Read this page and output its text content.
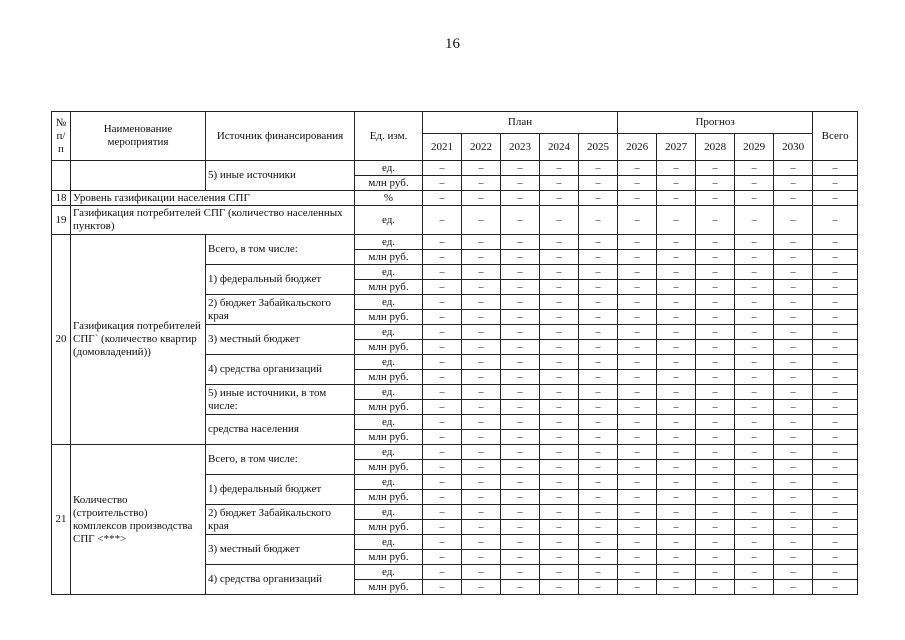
16
№ п/п	Наименование мероприятия	Источник финансирования	Ед. изм.	План					Прогноз					Всего
				2021	2022	2023	2024	2025	2026	2027	2028	2029	2030	
		5) иные источники	ед.	–	–	–	–	–	–	–	–	–	–	–
			млн руб.	–	–	–	–	–	–	–	–	–	–	–
18	Уровень газификации населения СПГ		%	–	–	–	–	–	–	–	–	–	–	–
19	Газификация потребителей СПГ (количество населенных пунктов)		ед.	–	–	–	–	–	–	–	–	–	–	–
20	Газификация потребителей СПГ` (количество квартир (домовладений))	Всего, в том числе:	ед.	–	–	–	–	–	–	–	–	–	–	–
			млн руб.	–	–	–	–	–	–	–	–	–	–	–
		1) федеральный бюджет	ед.	–	–	–	–	–	–	–	–	–	–	–
			млн руб.	–	–	–	–	–	–	–	–	–	–	–
		2) бюджет Забайкальского края	ед.	–	–	–	–	–	–	–	–	–	–	–
			млн руб.	–	–	–	–	–	–	–	–	–	–	–
		3) местный бюджет	ед.	–	–	–	–	–	–	–	–	–	–	–
			млн руб.	–	–	–	–	–	–	–	–	–	–	–
		4) средства организаций	ед.	–	–	–	–	–	–	–	–	–	–	–
			млн руб.	–	–	–	–	–	–	–	–	–	–	–
		5) иные источники, в том числе:	ед.	–	–	–	–	–	–	–	–	–	–	–
			млн руб.	–	–	–	–	–	–	–	–	–	–	–
		средства населения	ед.	–	–	–	–	–	–	–	–	–	–	–
			млн руб.	–	–	–	–	–	–	–	–	–	–	–
21	Количество (строительство) комплексов производства СПГ <***>	Всего, в том числе:	ед.	–	–	–	–	–	–	–	–	–	–	–
			млн руб.	–	–	–	–	–	–	–	–	–	–	–
		1) федеральный бюджет	ед.	–	–	–	–	–	–	–	–	–	–	–
			млн руб.	–	–	–	–	–	–	–	–	–	–	–
		2) бюджет Забайкальского края	ед.	–	–	–	–	–	–	–	–	–	–	–
			млн руб.	–	–	–	–	–	–	–	–	–	–	–
		3) местный бюджет	ед.	–	–	–	–	–	–	–	–	–	–	–
			млн руб.	–	–	–	–	–	–	–	–	–	–	–
		4) средства организаций	ед.	–	–	–	–	–	–	–	–	–	–	–
			млн руб.	–	–	–	–	–	–	–	–	–	–	–
